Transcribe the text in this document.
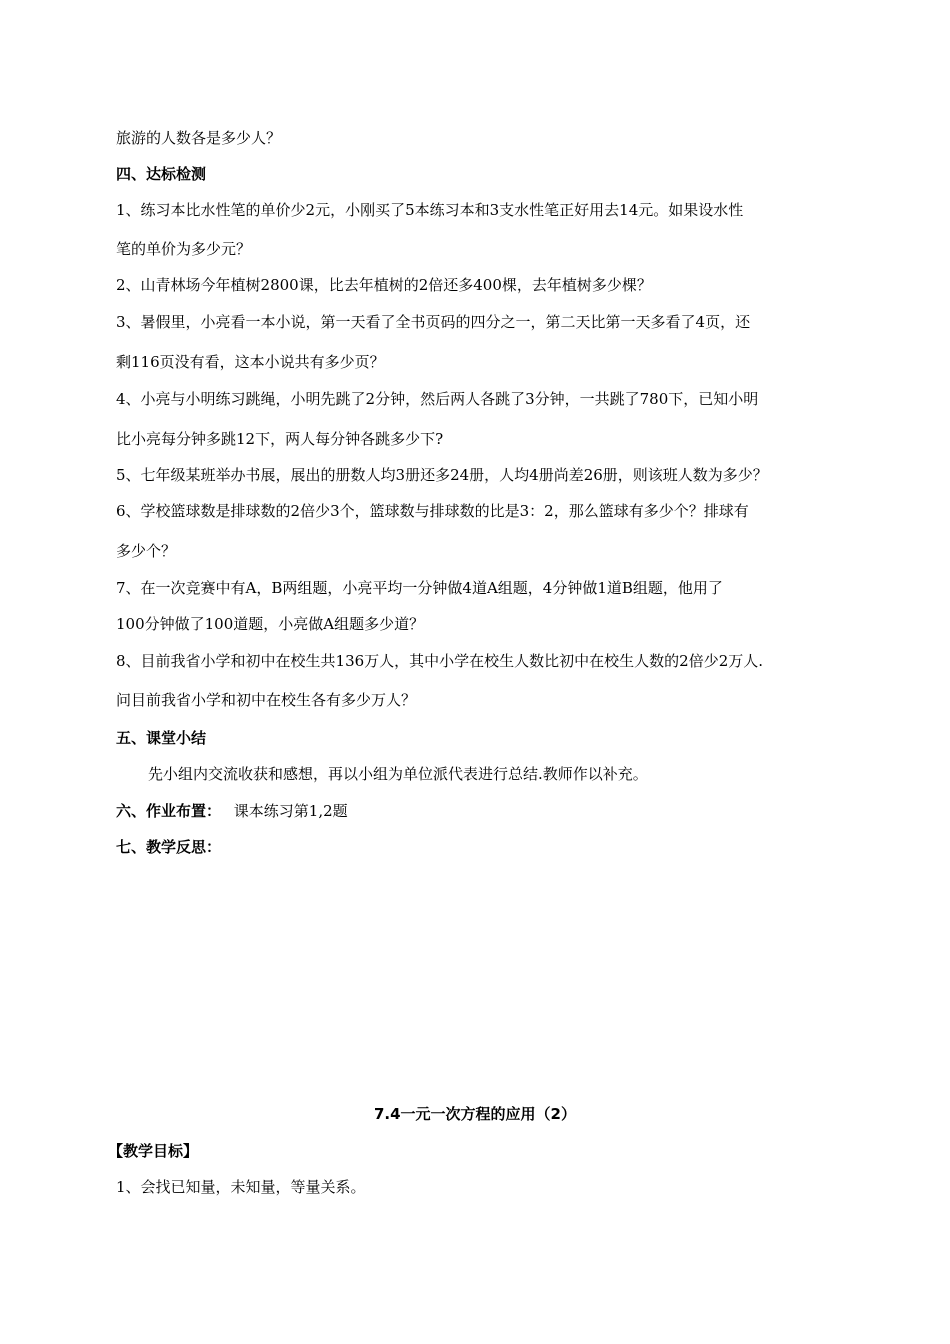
旅游的人数各是多少人？
四、达标检测
1、练习本比水性笔的单价少2元，小刚买了5本练习本和3支水性笔正好用去14元。如果设水性
笔的单价为多少元？
2、山青林场今年植树2800课，比去年植树的2倍还多400棵，去年植树多少棵？
3、暑假里，小亮看一本小说，第一天看了全书页码的四分之一，第二天比第一天多看了4页，还
剩116页没有看，这本小说共有多少页？
4、小亮与小明练习跳绳，小明先跳了2分钟，然后两人各跳了3分钟，一共跳了780下，已知小明
比小亮每分钟多跳12下，两人每分钟各跳多少下?
5、七年级某班举办书展，展出的册数人均3册还多24册，人均4册尚差26册，则该班人数为多少？
6、学校篮球数是排球数的2倍少3个，篮球数与排球数的比是3：2，那么篮球有多少个？排球有
多少个？
7、在一次竞赛中有A，B两组题，小亮平均一分钟做4道A组题，4分钟做1道B组题，他用了
100分钟做了100道题，小亮做A组题多少道？
8、目前我省小学和初中在校生共136万人，其中小学在校生人数比初中在校生人数的2倍少2万人.
问目前我省小学和初中在校生各有多少万人？
五、课堂小结
先小组内交流收获和感想，再以小组为单位派代表进行总结.教师作以补充。
六、作业布置： 课本练习第1,2题
七、教学反思：
7.4一元一次方程的应用（2）
【教学目标】
1、会找已知量，未知量，等量关系。
